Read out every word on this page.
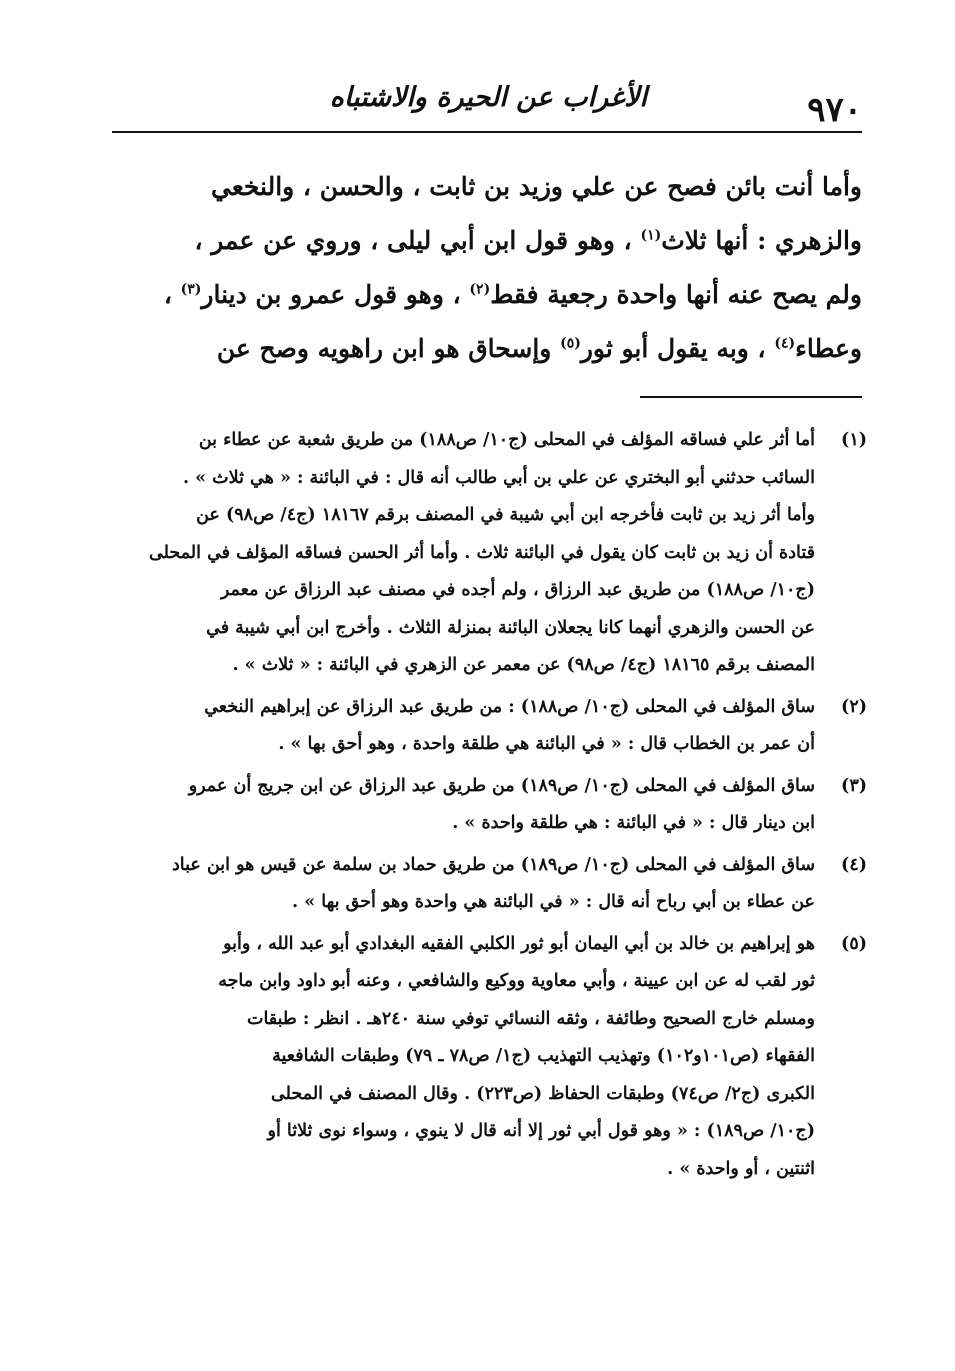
٩٧٠
الأغراب عن الحيرة والاشتباه
وأما أنت بائن فصح عن علي وزيد بن ثابت ، والحسن ، والنخعي
والزهري : أنها ثلاث$^{(١)}$ ، وهو قول ابن أبي ليلى ، وروي عن عمر ،
ولم يصح عنه أنها واحدة رجعية فقط$^{(٢)}$ ، وهو قول عمرو بن دينار$^{(٣)}$ ،
وعطاء$^{(٤)}$ ، وبه يقول أبو ثور$^{(٥)}$ وإسحاق هو ابن راهويه وصح عن
(١)
أما أثر علي فساقه المؤلف في المحلى (ج١٠/ ص١٨٨) من طريق شعبة عن عطاء بن
السائب حدثني أبو البختري عن علي بن أبي طالب أنه قال : في البائنة : « هي ثلاث » .
وأما أثر زيد بن ثابت فأخرجه ابن أبي شيبة في المصنف برقم ١٨١٦٧ (ج٤/ ص٩٨) عن
قتادة أن زيد بن ثابت كان يقول في البائنة ثلاث . وأما أثر الحسن فساقه المؤلف في المحلى
(ج١٠/ ص١٨٨) من طريق عبد الرزاق ، ولم أجده في مصنف عبد الرزاق عن معمر
عن الحسن والزهري أنهما كانا يجعلان البائنة بمنزلة الثلاث . وأخرج ابن أبي شيبة في
المصنف برقم ١٨١٦٥ (ج٤/ ص٩٨) عن معمر عن الزهري في البائنة : « ثلاث » .
(٢)
ساق المؤلف في المحلى (ج١٠/ ص١٨٨) : من طريق عبد الرزاق عن إبراهيم النخعي
أن عمر بن الخطاب قال : « في البائنة هي طلقة واحدة ، وهو أحق بها » .
(٣)
ساق المؤلف في المحلى (ج١٠/ ص١٨٩) من طريق عبد الرزاق عن ابن جريج أن عمرو
ابن دينار قال : « في البائنة : هي طلقة واحدة » .
(٤)
ساق المؤلف في المحلى (ج١٠/ ص١٨٩) من طريق حماد بن سلمة عن قيس هو ابن عباد
عن عطاء بن أبي رباح أنه قال : « في البائنة هي واحدة وهو أحق بها » .
(٥)
هو إبراهيم بن خالد بن أبي اليمان أبو ثور الكلبي الفقيه البغدادي أبو عبد الله ، وأبو
ثور لقب له عن ابن عيينة ، وأبي معاوية ووكيع والشافعي ، وعنه أبو داود وابن ماجه
ومسلم خارج الصحيح وطائفة ، وثقه النسائي توفي سنة ٢٤٠هـ . انظر : طبقات
الفقهاء (ص١٠١و١٠٢) وتهذيب التهذيب (ج١/ ص٧٨ ـ ٧٩) وطبقات الشافعية
الكبرى (ج٢/ ص٧٤) وطبقات الحفاظ (ص٢٢٣) . وقال المصنف في المحلى
(ج١٠/ ص١٨٩) : « وهو قول أبي ثور إلا أنه قال لا ينوي ، وسواء نوى ثلاثا أو
اثنتين ، أو واحدة » .
